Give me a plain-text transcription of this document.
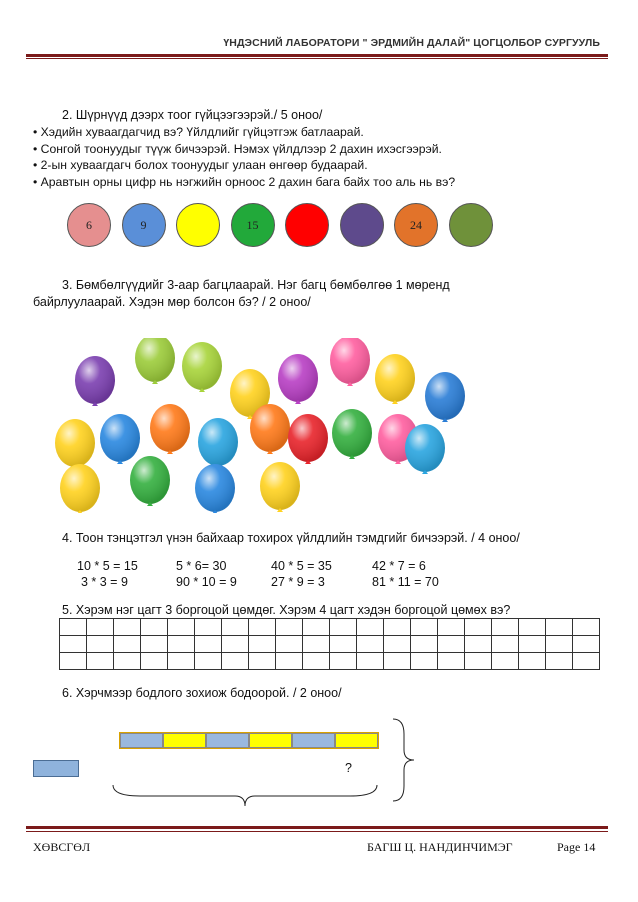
ҮНДЭСНИЙ ЛАБОРАТОРИ " ЭРДМИЙН ДАЛАЙ" ЦОГЦОЛБОР СУРГУУЛЬ
2. Шүрнүүд дээрх тоог гүйцээгээрэй./ 5 оноо/
• Хэдийн хуваагдагчид вэ? Үйлдлийг гүйцэтгэж батлаарай.
• Сонгой тоонуудыг түүж бичээрэй. Нэмэх үйлдлээр 2 дахин ихэсгээрэй.
• 2-ын хуваагдагч болох тоонуудыг улаан өнгөөр будаарай.
• Аравтын орны цифр нь нэгжийн орноос 2 дахин бага байх тоо аль нь вэ?
6	9	15	24
3. Бөмбөлгүүдийг 3-аар багцлаарай. Нэг багц бөмбөлгөө 1 мөренд
байрлуулаарай. Хэдэн мөр болсон бэ? / 2 оноо/
4. Тоон тэнцэтгэл үнэн байхаар тохирох үйлдлийн тэмдгийг бичээрэй. / 4 оноо/
10 * 5 = 15	5 * 6= 30	40 * 5 = 35	42 * 7 = 6
3 * 3 = 9	90 * 10 = 9	27 * 9 = 3	81 * 11 = 70
5. Хэрэм нэг цагт 3 боргоцой цөмдөг. Хэрэм 4 цагт хэдэн боргоцой цөмөх вэ?

6. Хэрчмээр бодлого зохиож бодоорой. / 2 оноо/
?
ХӨВСГӨЛ	БАГШ Ц. НАНДИНЧИМЭГ	Page 14
